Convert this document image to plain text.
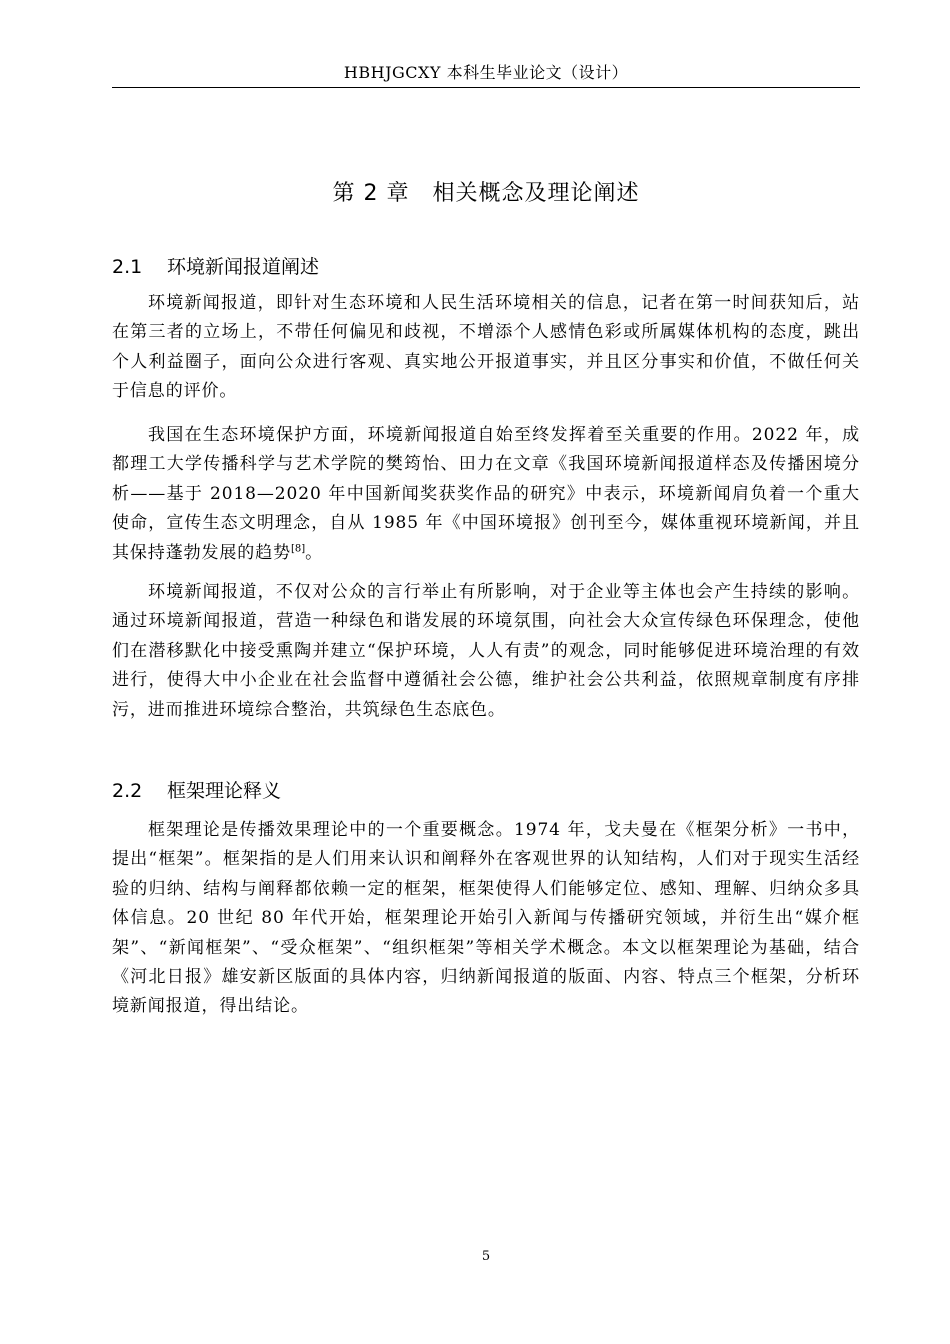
HBHJGCXY 本科生毕业论文（设计）
第 2 章　相关概念及理论阐述
2.1 环境新闻报道阐述

环境新闻报道，即针对生态环境和人民生活环境相关的信息，记者在第一时间获知后，站在第三者的立场上，不带任何偏见和歧视，不增添个人感情色彩或所属媒体机构的态度，跳出个人利益圈子，面向公众进行客观、真实地公开报道事实，并且区分事实和价值，不做任何关于信息的评价。

我国在生态环境保护方面，环境新闻报道自始至终发挥着至关重要的作用。2022 年，成都理工大学传播科学与艺术学院的樊筠怡、田力在文章《我国环境新闻报道样态及传播困境分析——基于 2018—2020 年中国新闻奖获奖作品的研究》中表示，环境新闻肩负着一个重大使命，宣传生态文明理念，自从 1985 年《中国环境报》创刊至今，媒体重视环境新闻，并且其保持蓬勃发展的趋势[8]。

环境新闻报道，不仅对公众的言行举止有所影响，对于企业等主体也会产生持续的影响。通过环境新闻报道，营造一种绿色和谐发展的环境氛围，向社会大众宣传绿色环保理念，使他们在潜移默化中接受熏陶并建立“保护环境，人人有责”的观念，同时能够促进环境治理的有效进行，使得大中小企业在社会监督中遵循社会公德，维护社会公共利益，依照规章制度有序排污，进而推进环境综合整治，共筑绿色生态底色。

2.2 框架理论释义

框架理论是传播效果理论中的一个重要概念。1974 年，戈夫曼在《框架分析》一书中，提出“框架”。框架指的是人们用来认识和阐释外在客观世界的认知结构，人们对于现实生活经验的归纳、结构与阐释都依赖一定的框架，框架使得人们能够定位、感知、理解、归纳众多具体信息。20 世纪 80 年代开始，框架理论开始引入新闻与传播研究领域，并衍生出“媒介框架”、“新闻框架”、“受众框架”、“组织框架”等相关学术概念。本文以框架理论为基础，结合《河北日报》雄安新区版面的具体内容，归纳新闻报道的版面、内容、特点三个框架，分析环境新闻报道，得出结论。

5
